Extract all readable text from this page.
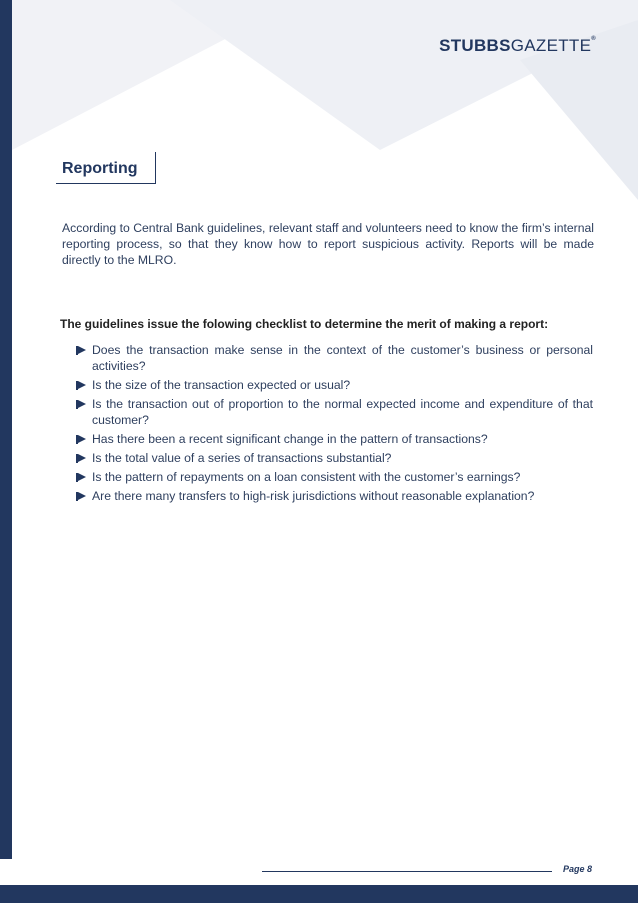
STUBBSGAZETTE®
Reporting

According to Central Bank guidelines, relevant staff and volunteers need to know the firm’s internal reporting process, so that they know how to report suspicious activity. Reports will be made directly to the MLRO.

The guidelines issue the folowing checklist to determine the merit of making a report:
Does the transaction make sense in the context of the customer’s business or personal activities?
Is the size of the transaction expected or usual?
Is the transaction out of proportion to the normal expected income and expenditure of that customer?
Has there been a recent significant change in the pattern of transactions?
Is the total value of a series of transactions substantial?
Is the pattern of repayments on a loan consistent with the customer’s earnings?
Are there many transfers to high-risk jurisdictions without reasonable explanation?
Page 8
